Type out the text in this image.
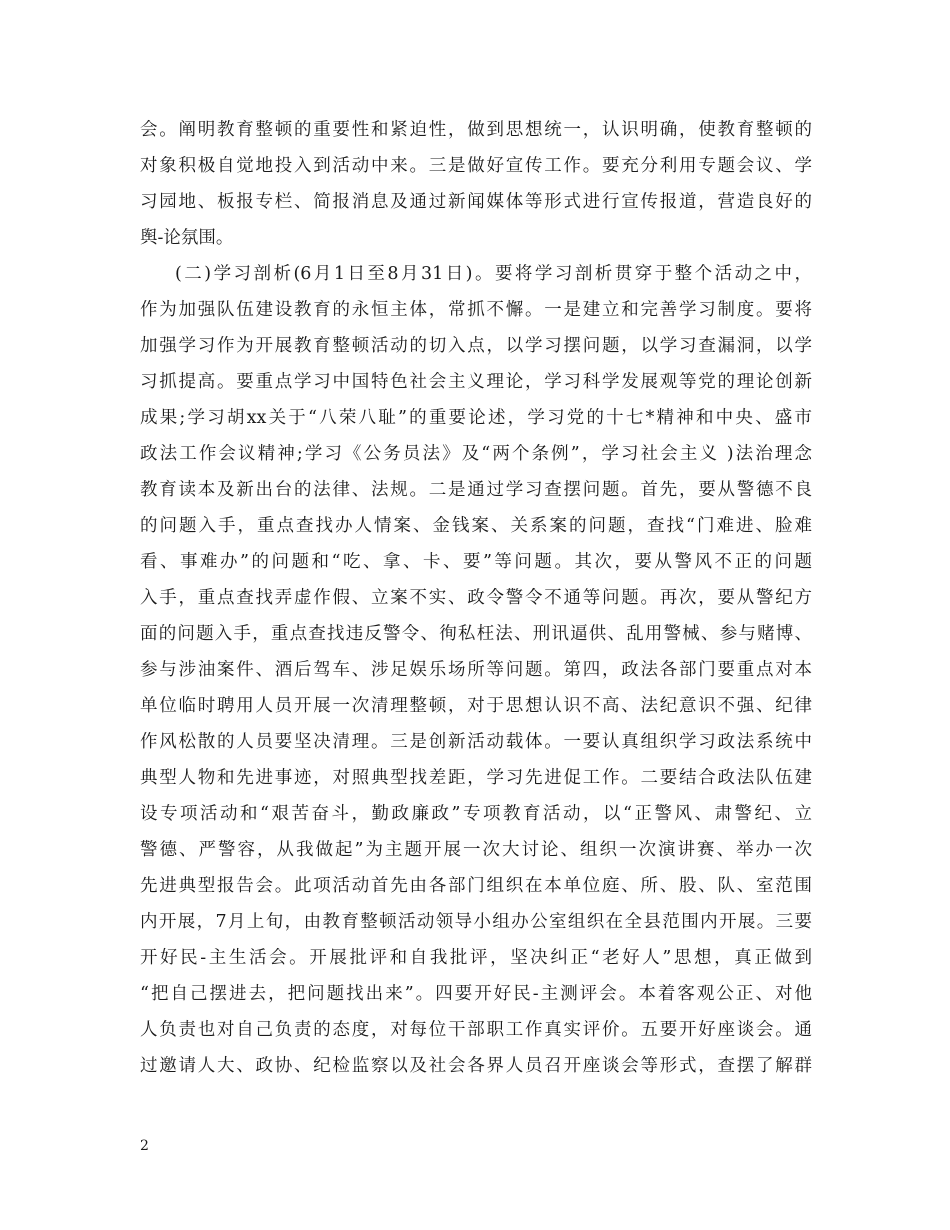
会。阐明教育整顿的重要性和紧迫性，做到思想统一，认识明确，使教育整顿的
对象积极自觉地投入到活动中来。三是做好宣传工作。要充分利用专题会议、学
习园地、板报专栏、简报消息及通过新闻媒体等形式进行宣传报道，营造良好的
舆-论氛围。
(二)学习剖析(6月1日至8月31日)。要将学习剖析贯穿于整个活动之中，
作为加强队伍建设教育的永恒主体，常抓不懈。一是建立和完善学习制度。要将
加强学习作为开展教育整顿活动的切入点，以学习摆问题，以学习查漏洞，以学
习抓提高。要重点学习中国特色社会主义理论，学习科学发展观等党的理论创新
成果;学习胡xx关于“八荣八耻”的重要论述，学习党的十七*精神和中央、盛市
政法工作会议精神;学习《公务员法》及“两个条例”，学习社会主义 )法治理念
教育读本及新出台的法律、法规。二是通过学习查摆问题。首先，要从警德不良
的问题入手，重点查找办人情案、金钱案、关系案的问题，查找“门难进、脸难
看、事难办”的问题和“吃、拿、卡、要”等问题。其次，要从警风不正的问题
入手，重点查找弄虚作假、立案不实、政令警令不通等问题。再次，要从警纪方
面的问题入手，重点查找违反警令、徇私枉法、刑讯逼供、乱用警械、参与赌博、
参与涉油案件、酒后驾车、涉足娱乐场所等问题。第四，政法各部门要重点对本
单位临时聘用人员开展一次清理整顿，对于思想认识不高、法纪意识不强、纪律
作风松散的人员要坚决清理。三是创新活动载体。一要认真组织学习政法系统中
典型人物和先进事迹，对照典型找差距，学习先进促工作。二要结合政法队伍建
设专项活动和“艰苦奋斗，勤政廉政”专项教育活动，以“正警风、肃警纪、立
警德、严警容，从我做起”为主题开展一次大讨论、组织一次演讲赛、举办一次
先进典型报告会。此项活动首先由各部门组织在本单位庭、所、股、队、室范围
内开展，7月上旬，由教育整顿活动领导小组办公室组织在全县范围内开展。三要
开好民-主生活会。开展批评和自我批评，坚决纠正“老好人”思想，真正做到
“把自己摆进去，把问题找出来”。四要开好民-主测评会。本着客观公正、对他
人负责也对自己负责的态度，对每位干部职工作真实评价。五要开好座谈会。通
过邀请人大、政协、纪检监察以及社会各界人员召开座谈会等形式，查摆了解群
2
